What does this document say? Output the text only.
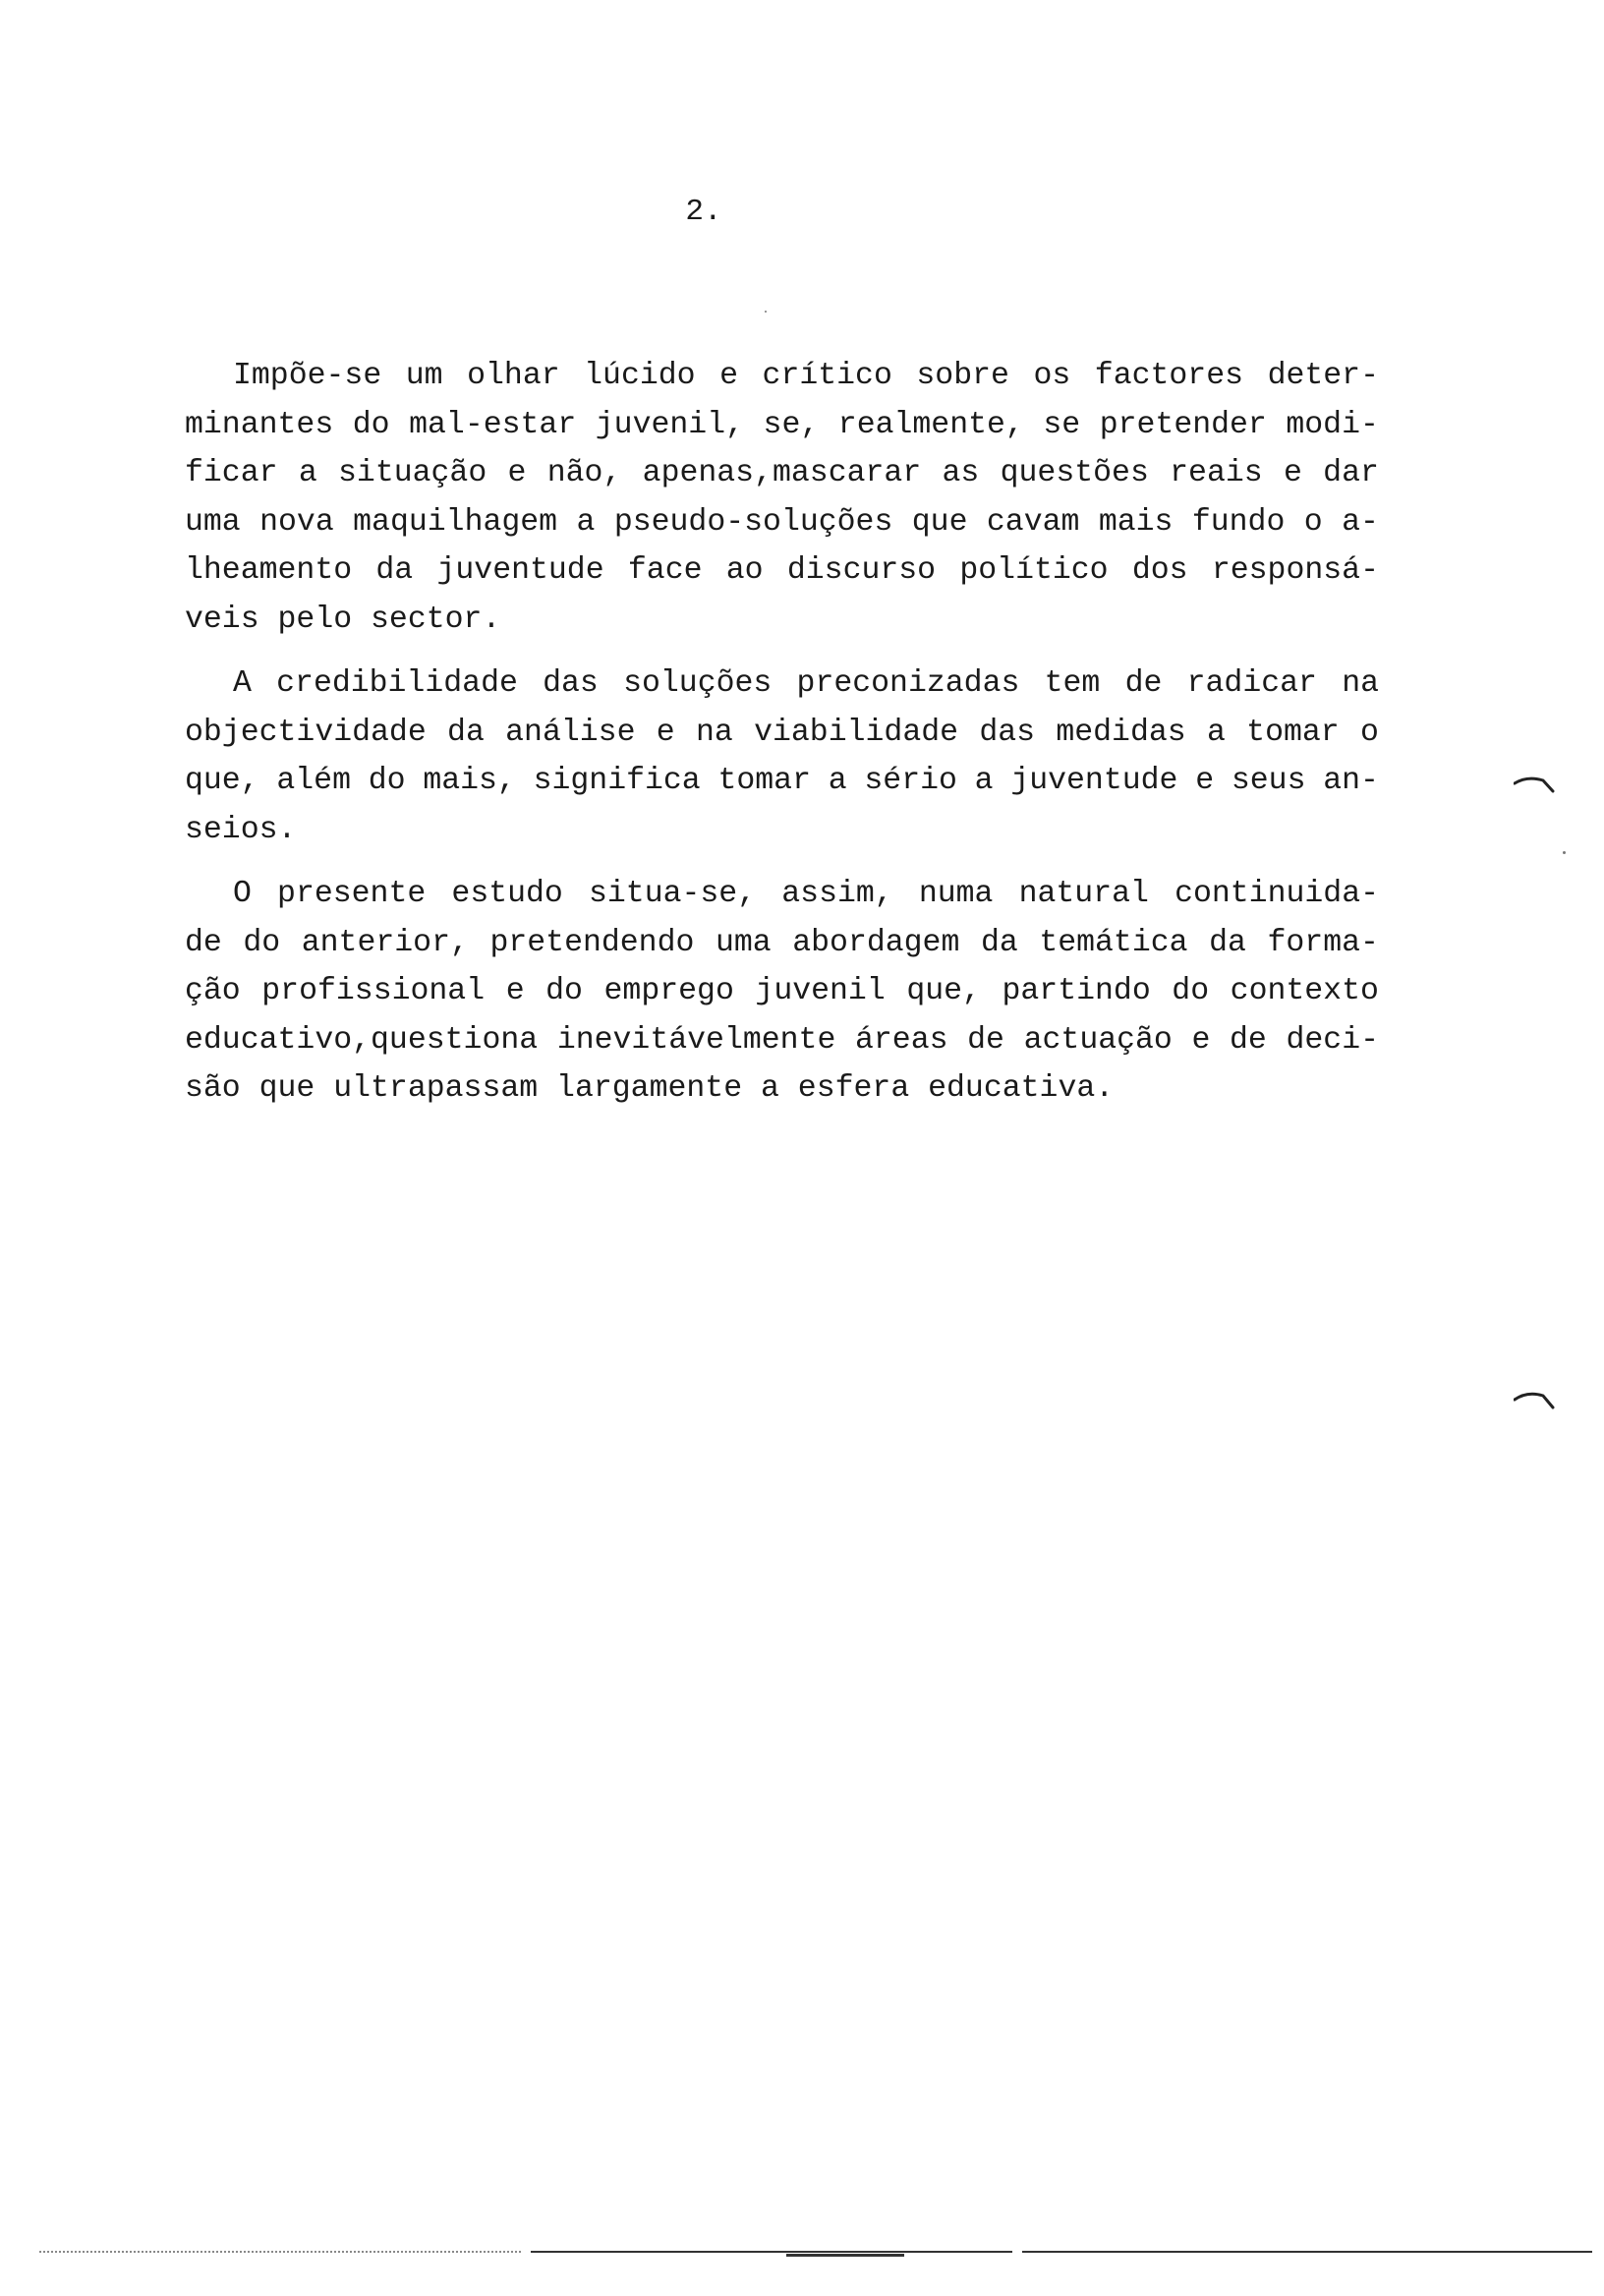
2.
Impõe-se um olhar lúcido e crítico sobre os factores deter-
minantes do mal-estar juvenil, se, realmente, se pretender modi-
ficar a situação e não, apenas,mascarar as questões reais e dar
uma nova maquilhagem a pseudo-soluções que cavam mais fundo o a-
lheamento da juventude face ao discurso político dos responsá-
veis pelo sector.
A credibilidade das soluções preconizadas tem de radicar na
objectividade da análise e na viabilidade das medidas a tomar o
que, além do mais, significa tomar a sério a juventude e seus an-
seios.
O presente estudo situa-se, assim, numa natural continuida-
de do anterior, pretendendo uma abordagem da temática da forma-
ção profissional e do emprego juvenil que, partindo do contexto
educativo,questiona inevitávelmente áreas de actuação e de deci-
são que ultrapassam largamente a esfera educativa.
